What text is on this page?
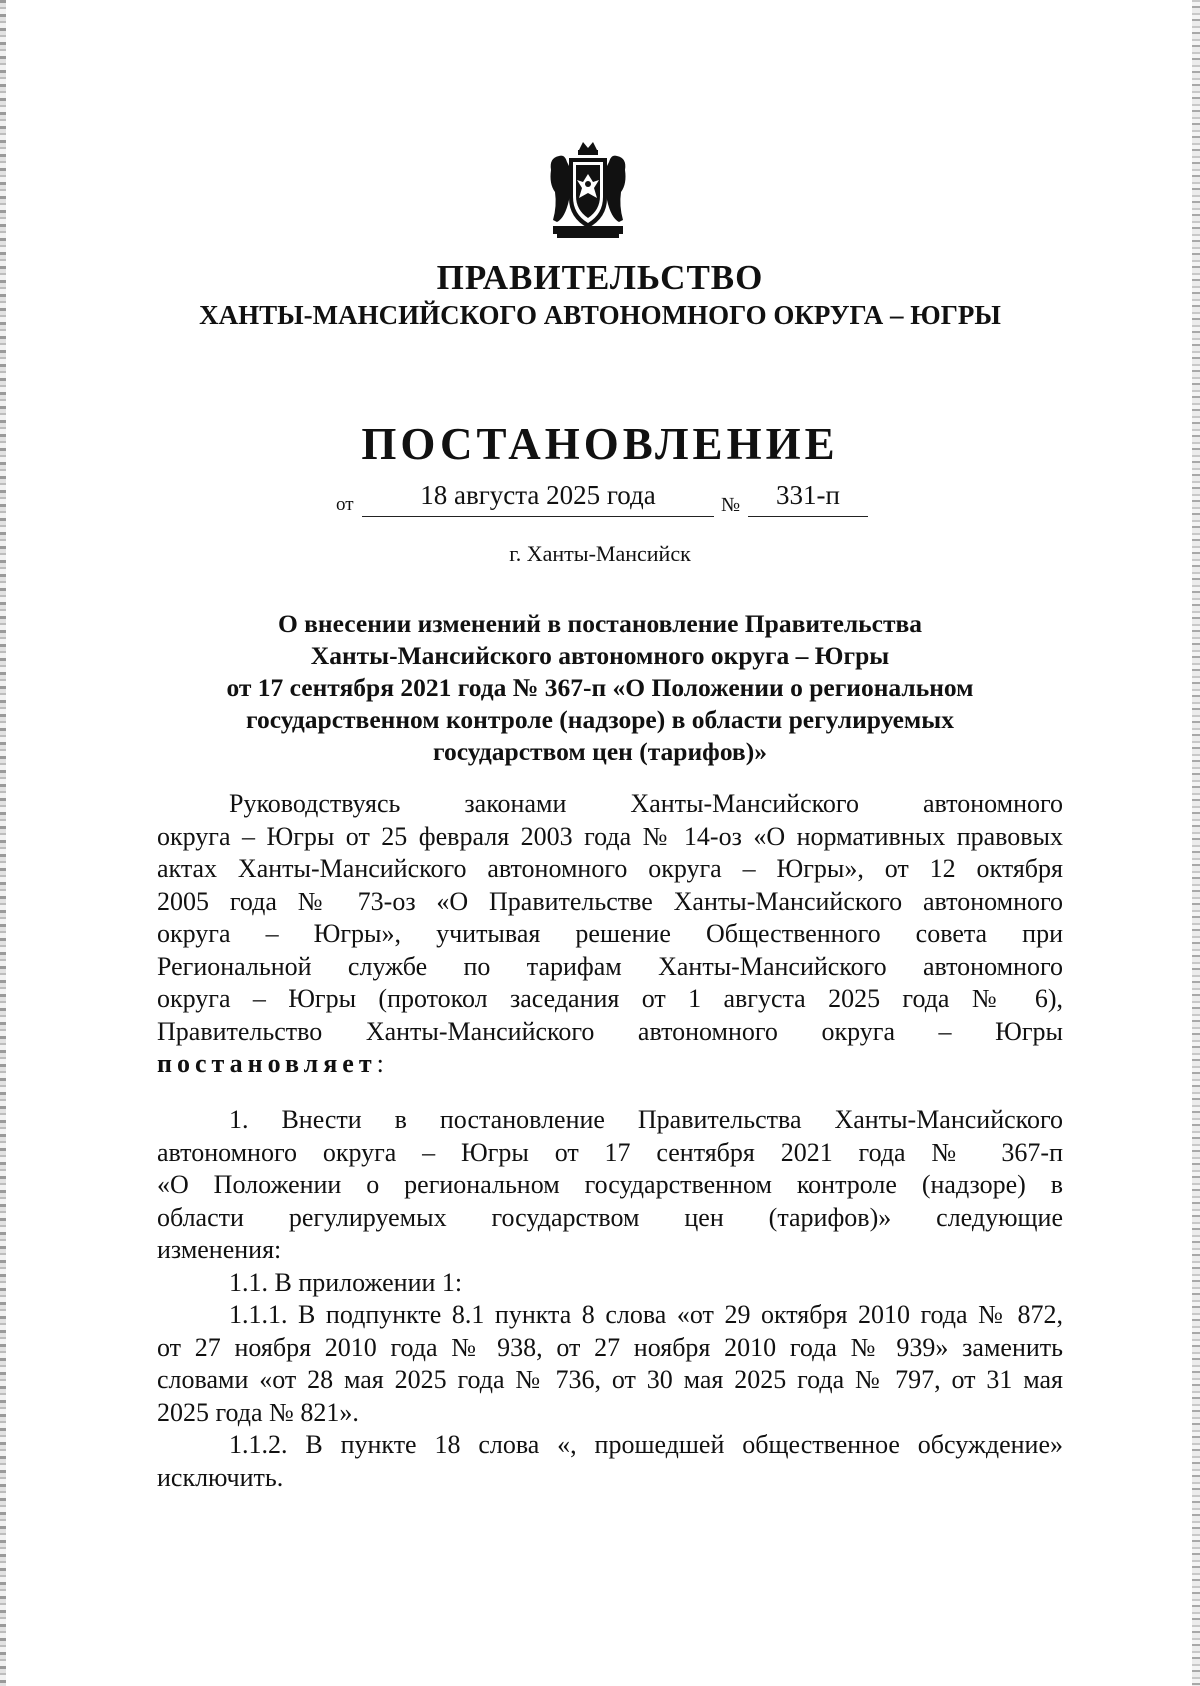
ПРАВИТЕЛЬСТВО
ХАНТЫ-МАНСИЙСКОГО АВТОНОМНОГО ОКРУГА – ЮГРЫ
ПОСТАНОВЛЕНИЕ
от	18 августа 2025 года	№	331-п
г. Ханты-Мансийск
О внесении изменений в постановление Правительства
Ханты-Мансийского автономного округа – Югры
от 17 сентября 2021 года № 367-п «О Положении о региональном
государственном контроле (надзоре) в области регулируемых
государством цен (тарифов)»
Руководствуясь законами Ханты-Мансийского автономного
округа – Югры от 25 февраля 2003 года № 14-оз «О нормативных правовых
актах Ханты-Мансийского автономного округа – Югры», от 12 октября
2005 года № 73-оз «О Правительстве Ханты-Мансийского автономного
округа – Югры», учитывая решение Общественного совета при
Региональной службе по тарифам Ханты-Мансийского автономного
округа – Югры (протокол заседания от 1 августа 2025 года № 6),
Правительство Ханты-Мансийского автономного округа – Югры
постановляет:
1. Внести в постановление Правительства Ханты-Мансийского
автономного округа – Югры от 17 сентября 2021 года № 367-п
«О Положении о региональном государственном контроле (надзоре) в
области регулируемых государством цен (тарифов)» следующие
изменения:
1.1. В приложении 1:
1.1.1. В подпункте 8.1 пункта 8 слова «от 29 октября 2010 года № 872,
от 27 ноября 2010 года № 938, от 27 ноября 2010 года № 939» заменить
словами «от 28 мая 2025 года № 736, от 30 мая 2025 года № 797, от 31 мая
2025 года № 821».
1.1.2. В пункте 18 слова «, прошедшей общественное обсуждение»
исключить.
